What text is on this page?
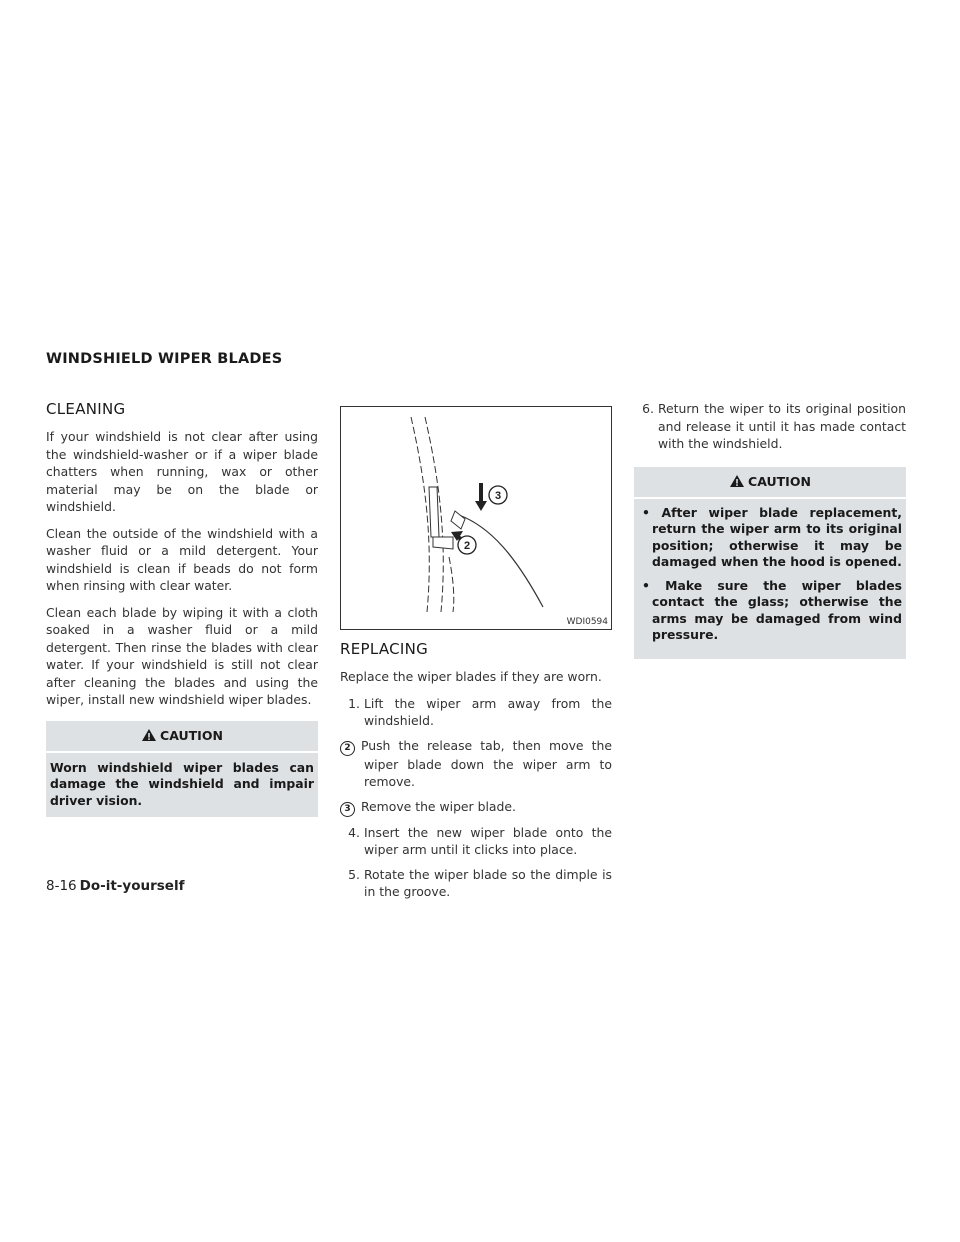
WINDSHIELD WIPER BLADES
CLEANING

If your windshield is not clear after using the windshield-washer or if a wiper blade chatters when running, wax or other material may be on the blade or windshield.

Clean the outside of the windshield with a washer fluid or a mild detergent. Your windshield is clean if beads do not form when rinsing with clear water.

Clean each blade by wiping it with a cloth soaked in a washer fluid or a mild detergent. Then rinse the blades with clear water. If your windshield is still not clear after cleaning the blades and using the wiper, install new windshield wiper blades.

CAUTION
Worn windshield wiper blades can damage the windshield and impair driver vision.
2
3
WDI0594
REPLACING

Replace the wiper blades if they are worn.

1. Lift the wiper arm away from the windshield.
2 Push the release tab, then move the wiper blade down the wiper arm to remove.
3 Remove the wiper blade.
4. Insert the new wiper blade onto the wiper arm until it clicks into place.
5. Rotate the wiper blade so the dimple is in the groove.
6. Return the wiper to its original position and release it until it has made contact with the windshield.
CAUTION
• After wiper blade replacement, return the wiper arm to its original position; otherwise it may be damaged when the hood is opened.
• Make sure the wiper blades contact the glass; otherwise the arms may be damaged from wind pressure.
8-16 Do-it-yourself
